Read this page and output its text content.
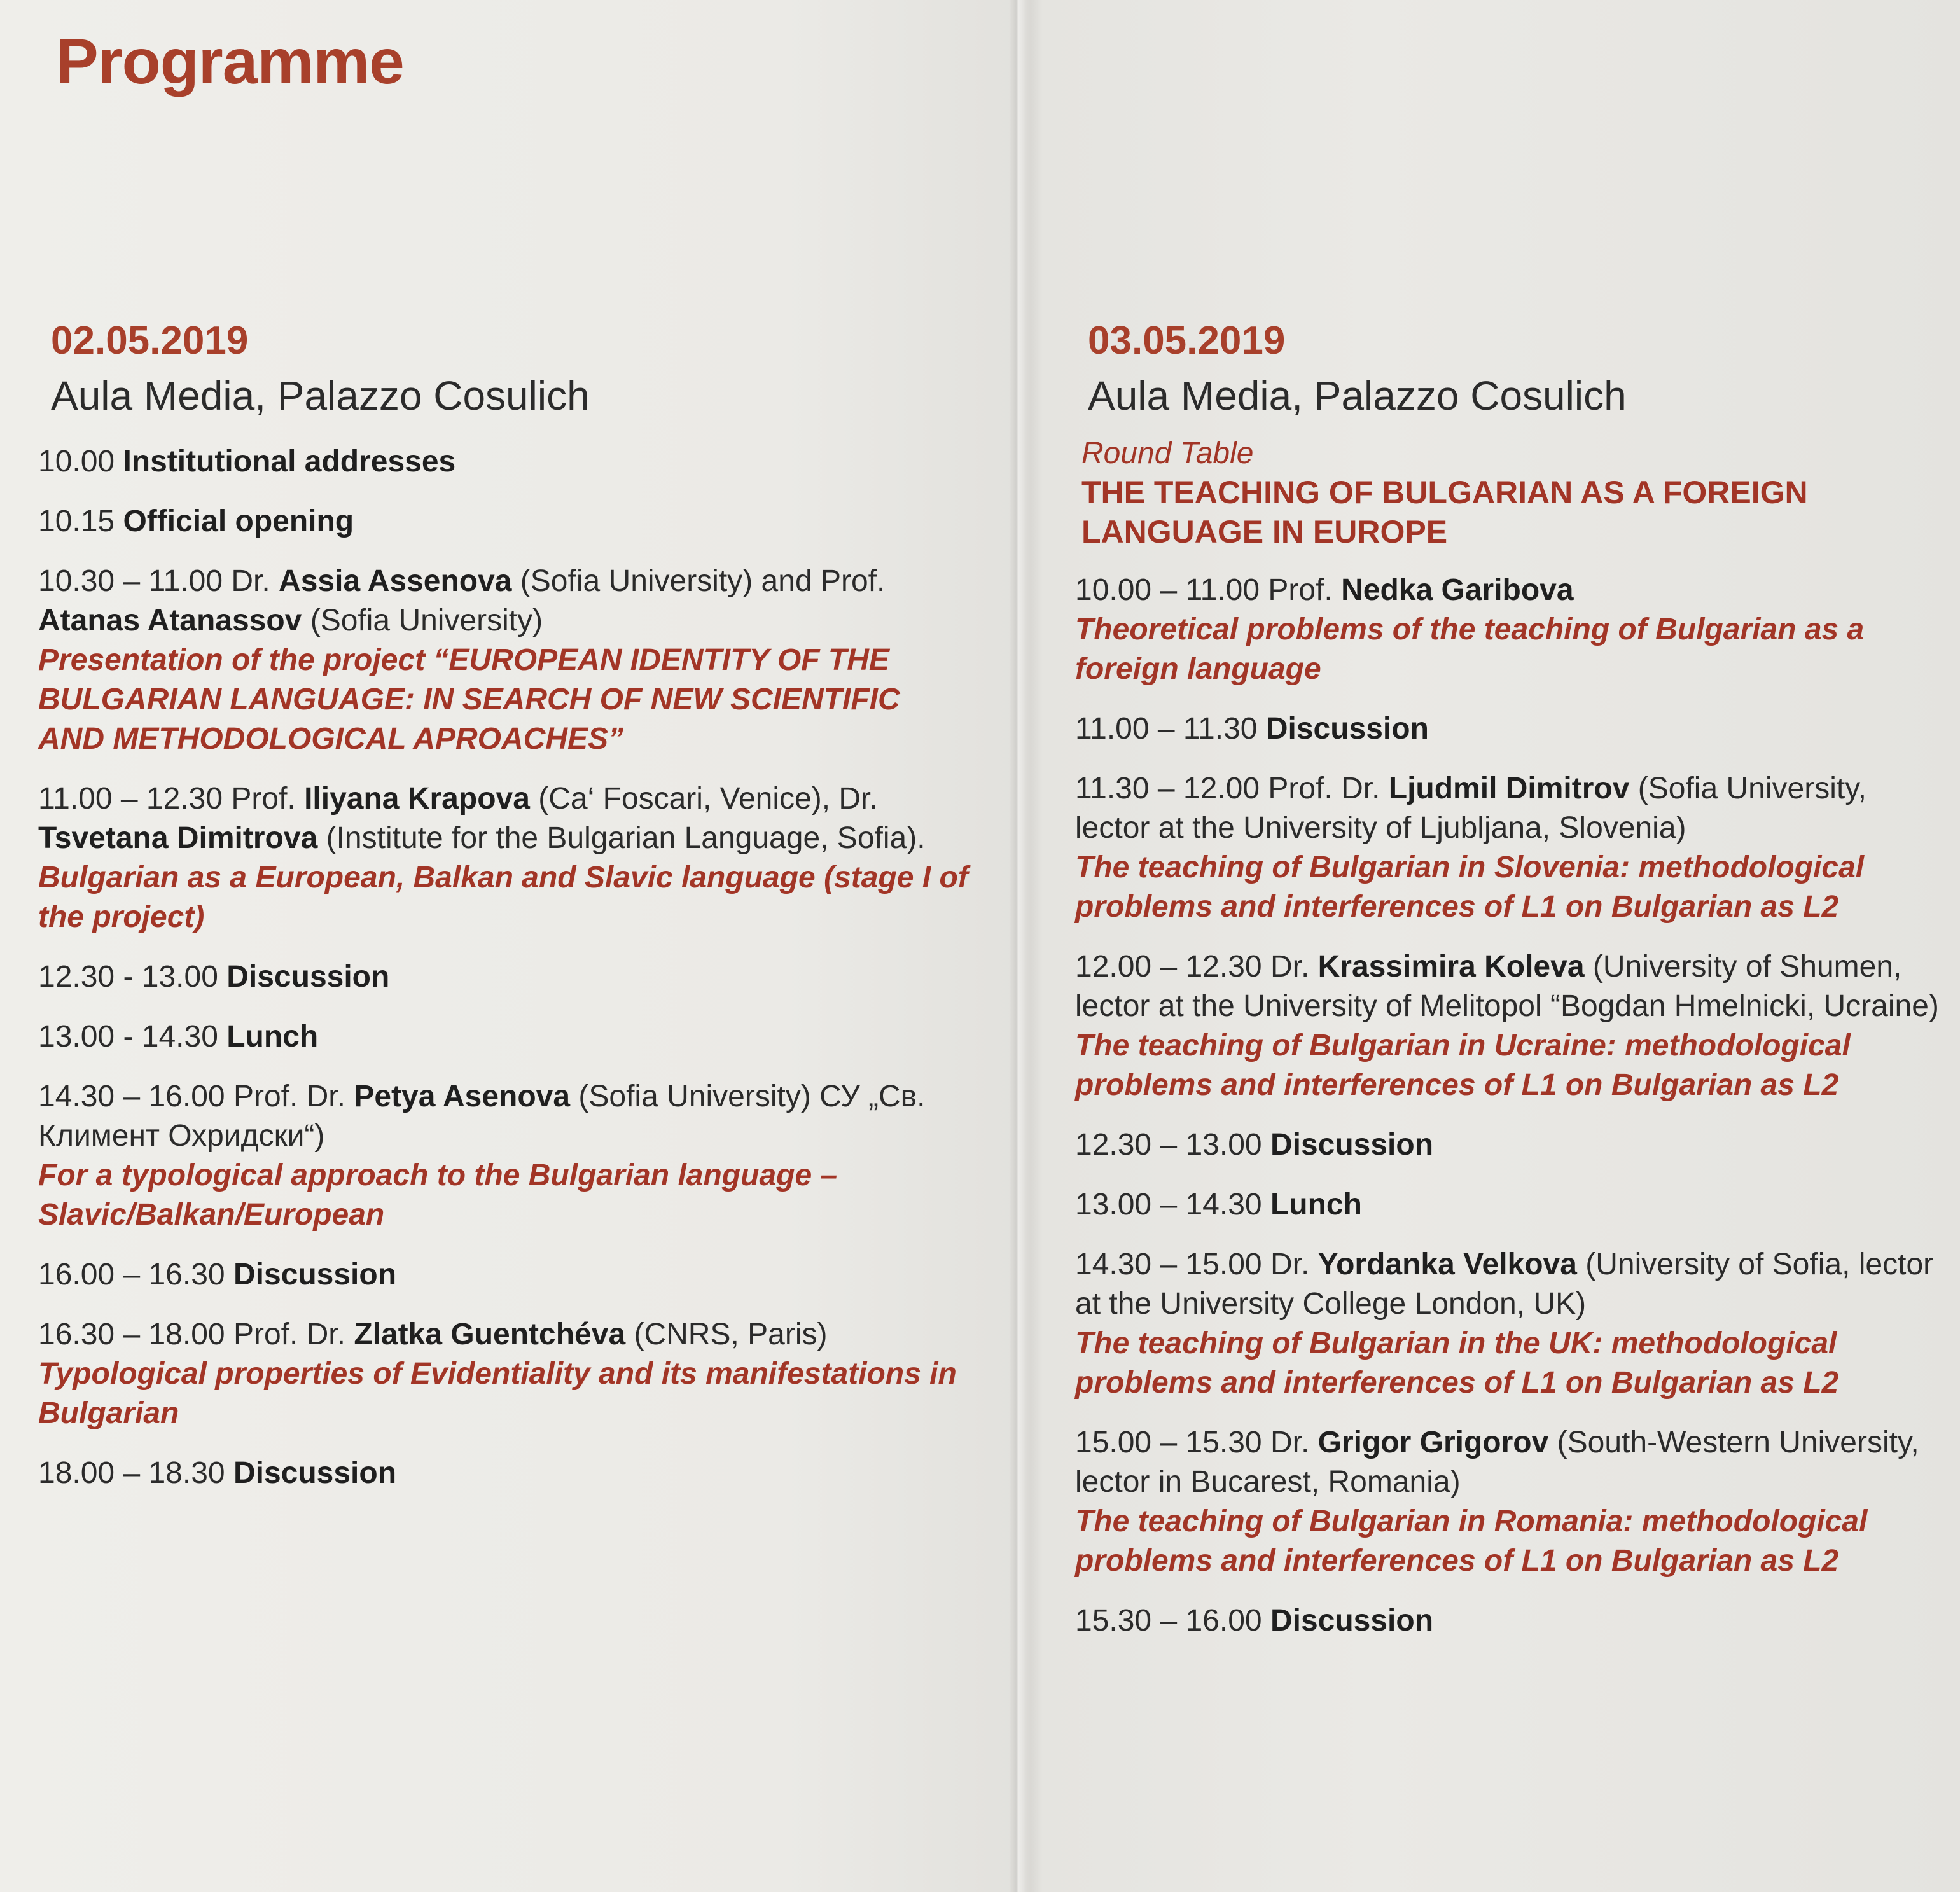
Programme
02.05.2019
Aula Media, Palazzo Cosulich
10.00 Institutional addresses
10.15 Official opening
10.30 – 11.00 Dr. Assia Assenova (Sofia University) and Prof. Atanas Atanassov (Sofia University)
Presentation of the project “EUROPEAN IDENTITY OF THE BULGARIAN LANGUAGE: IN SEARCH OF NEW SCIENTIFIC AND METHODOLOGICAL APROACHES”
11.00 – 12.30 Prof. Iliyana Krapova (Ca‘ Foscari, Venice), Dr. Tsvetana Dimitrova (Institute for the Bulgarian Language, Sofia).
Bulgarian as a European, Balkan and Slavic language (stage I of the project)
12.30 - 13.00 Discussion
13.00 - 14.30 Lunch
14.30 – 16.00 Prof. Dr. Petya Asenova (Sofia University) СУ „Св. Климент Охридски“)
For a typological approach to the Bulgarian language – Slavic/Balkan/European
16.00 – 16.30 Discussion
16.30 – 18.00 Prof. Dr. Zlatka Guentchéva (CNRS, Paris)
Typological properties of Evidentiality and its manifestations in Bulgarian
18.00 – 18.30 Discussion
03.05.2019
Aula Media, Palazzo Cosulich
Round Table
THE TEACHING OF BULGARIAN AS A FOREIGN LANGUAGE IN EUROPE
10.00 – 11.00 Prof. Nedka Garibova
Theoretical problems of the teaching of Bulgarian as a foreign language
11.00 – 11.30 Discussion
11.30 – 12.00 Prof. Dr. Ljudmil Dimitrov (Sofia University, lector at the University of Ljubljana, Slovenia)
The teaching of Bulgarian in Slovenia: methodological problems and interferences of L1 on Bulgarian as L2
12.00 – 12.30 Dr. Krassimira Koleva (University of Shumen, lector at the University of Melitopol “Bogdan Hmelnicki, Ucraine)
The teaching of Bulgarian in Ucraine: methodological problems and interferences of L1 on Bulgarian as L2
12.30 – 13.00 Discussion
13.00 – 14.30 Lunch
14.30 – 15.00 Dr. Yordanka Velkova (University of Sofia, lector at the University College London, UK)
The teaching of Bulgarian in the UK: methodological problems and interferences of L1 on Bulgarian as L2
15.00 – 15.30 Dr. Grigor Grigorov (South-Western University, lector in Bucarest, Romania)
The teaching of Bulgarian in Romania: methodological problems and interferences of L1 on Bulgarian as L2
15.30 – 16.00 Discussion
